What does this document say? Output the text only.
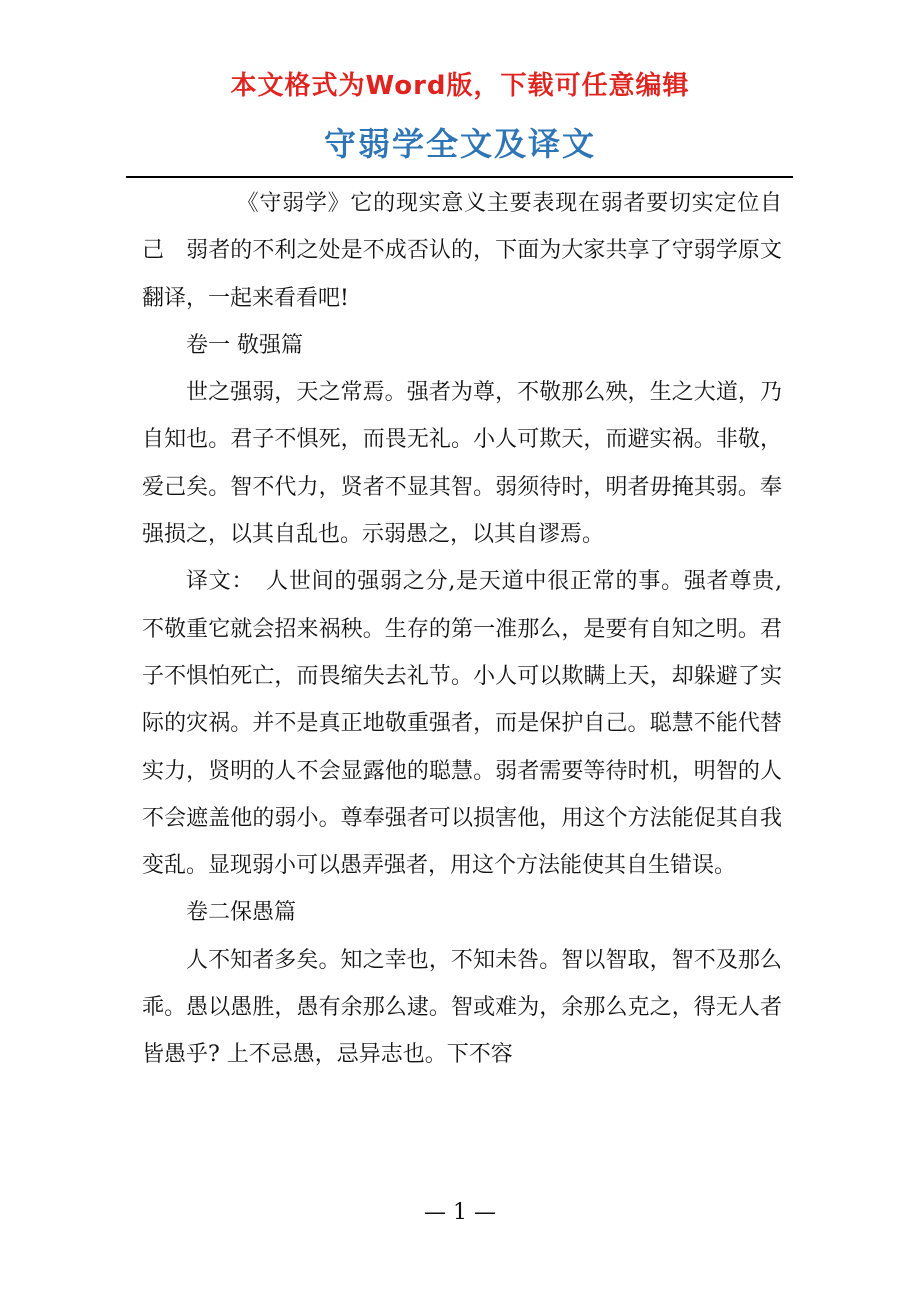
本文格式为Word版，下载可任意编辑
守弱学全文及译文

《守弱学》它的现实意义主要表现在弱者要切实定位自己　弱者的不利之处是不成否认的，下面为大家共享了守弱学原文翻译，一起来看看吧!

卷一 敬强篇

世之强弱，天之常焉。强者为尊，不敬那么殃，生之大道，乃自知也。君子不惧死，而畏无礼。小人可欺天，而避实祸。非敬，爱己矣。智不代力，贤者不显其智。弱须待时，明者毋掩其弱。奉强损之，以其自乱也。示弱愚之，以其自谬焉。

译文：　人世间的强弱之分,是天道中很正常的事。强者尊贵,不敬重它就会招来祸秧。生存的第一准那么，是要有自知之明。君子不惧怕死亡，而畏缩失去礼节。小人可以欺瞒上天，却躲避了实际的灾祸。并不是真正地敬重强者，而是保护自己。聪慧不能代替实力，贤明的人不会显露他的聪慧。弱者需要等待时机，明智的人不会遮盖他的弱小。尊奉强者可以损害他，用这个方法能促其自我变乱。显现弱小可以愚弄强者，用这个方法能使其自生错误。

卷二保愚篇

人不知者多矣。知之幸也，不知未咎。智以智取，智不及那么乖。愚以愚胜，愚有余那么逮。智或难为，余那么克之，得无人者皆愚乎? 上不忌愚，忌异志也。下不容

— 1 —
